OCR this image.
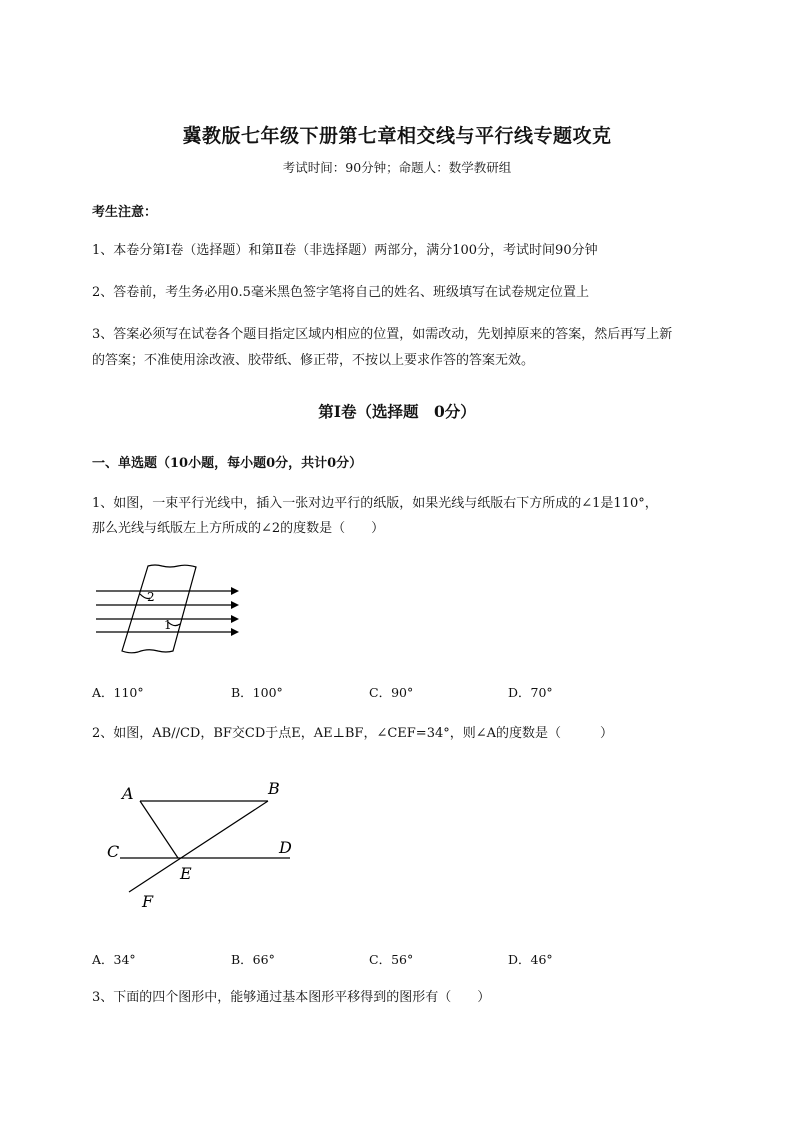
冀教版七年级下册第七章相交线与平行线专题攻克
考试时间：90分钟；命题人：数学教研组
考生注意：
1、本卷分第I卷（选择题）和第Ⅱ卷（非选择题）两部分，满分100分，考试时间90分钟
2、答卷前，考生务必用0.5毫米黑色签字笔将自己的姓名、班级填写在试卷规定位置上
3、答案必须写在试卷各个题目指定区域内相应的位置，如需改动，先划掉原来的答案，然后再写上新
的答案；不准使用涂改液、胶带纸、修正带，不按以上要求作答的答案无效。
第I卷（选择题　0分）
一、单选题（10小题，每小题0分，共计0分）
1、如图，一束平行光线中，插入一张对边平行的纸版，如果光线与纸版右下方所成的∠1是110°，
那么光线与纸版左上方所成的∠2的度数是（　　）
2
1
A．110°	B．100°	C．90°	D．70°
2、如图，AB//CD，BF交CD于点E，AE⊥BF，∠CEF=34°，则∠A的度数是（　　　）
A	B
C	D
E
F
A．34°	B．66°	C．56°	D．46°
3、下面的四个图形中，能够通过基本图形平移得到的图形有（　　）
